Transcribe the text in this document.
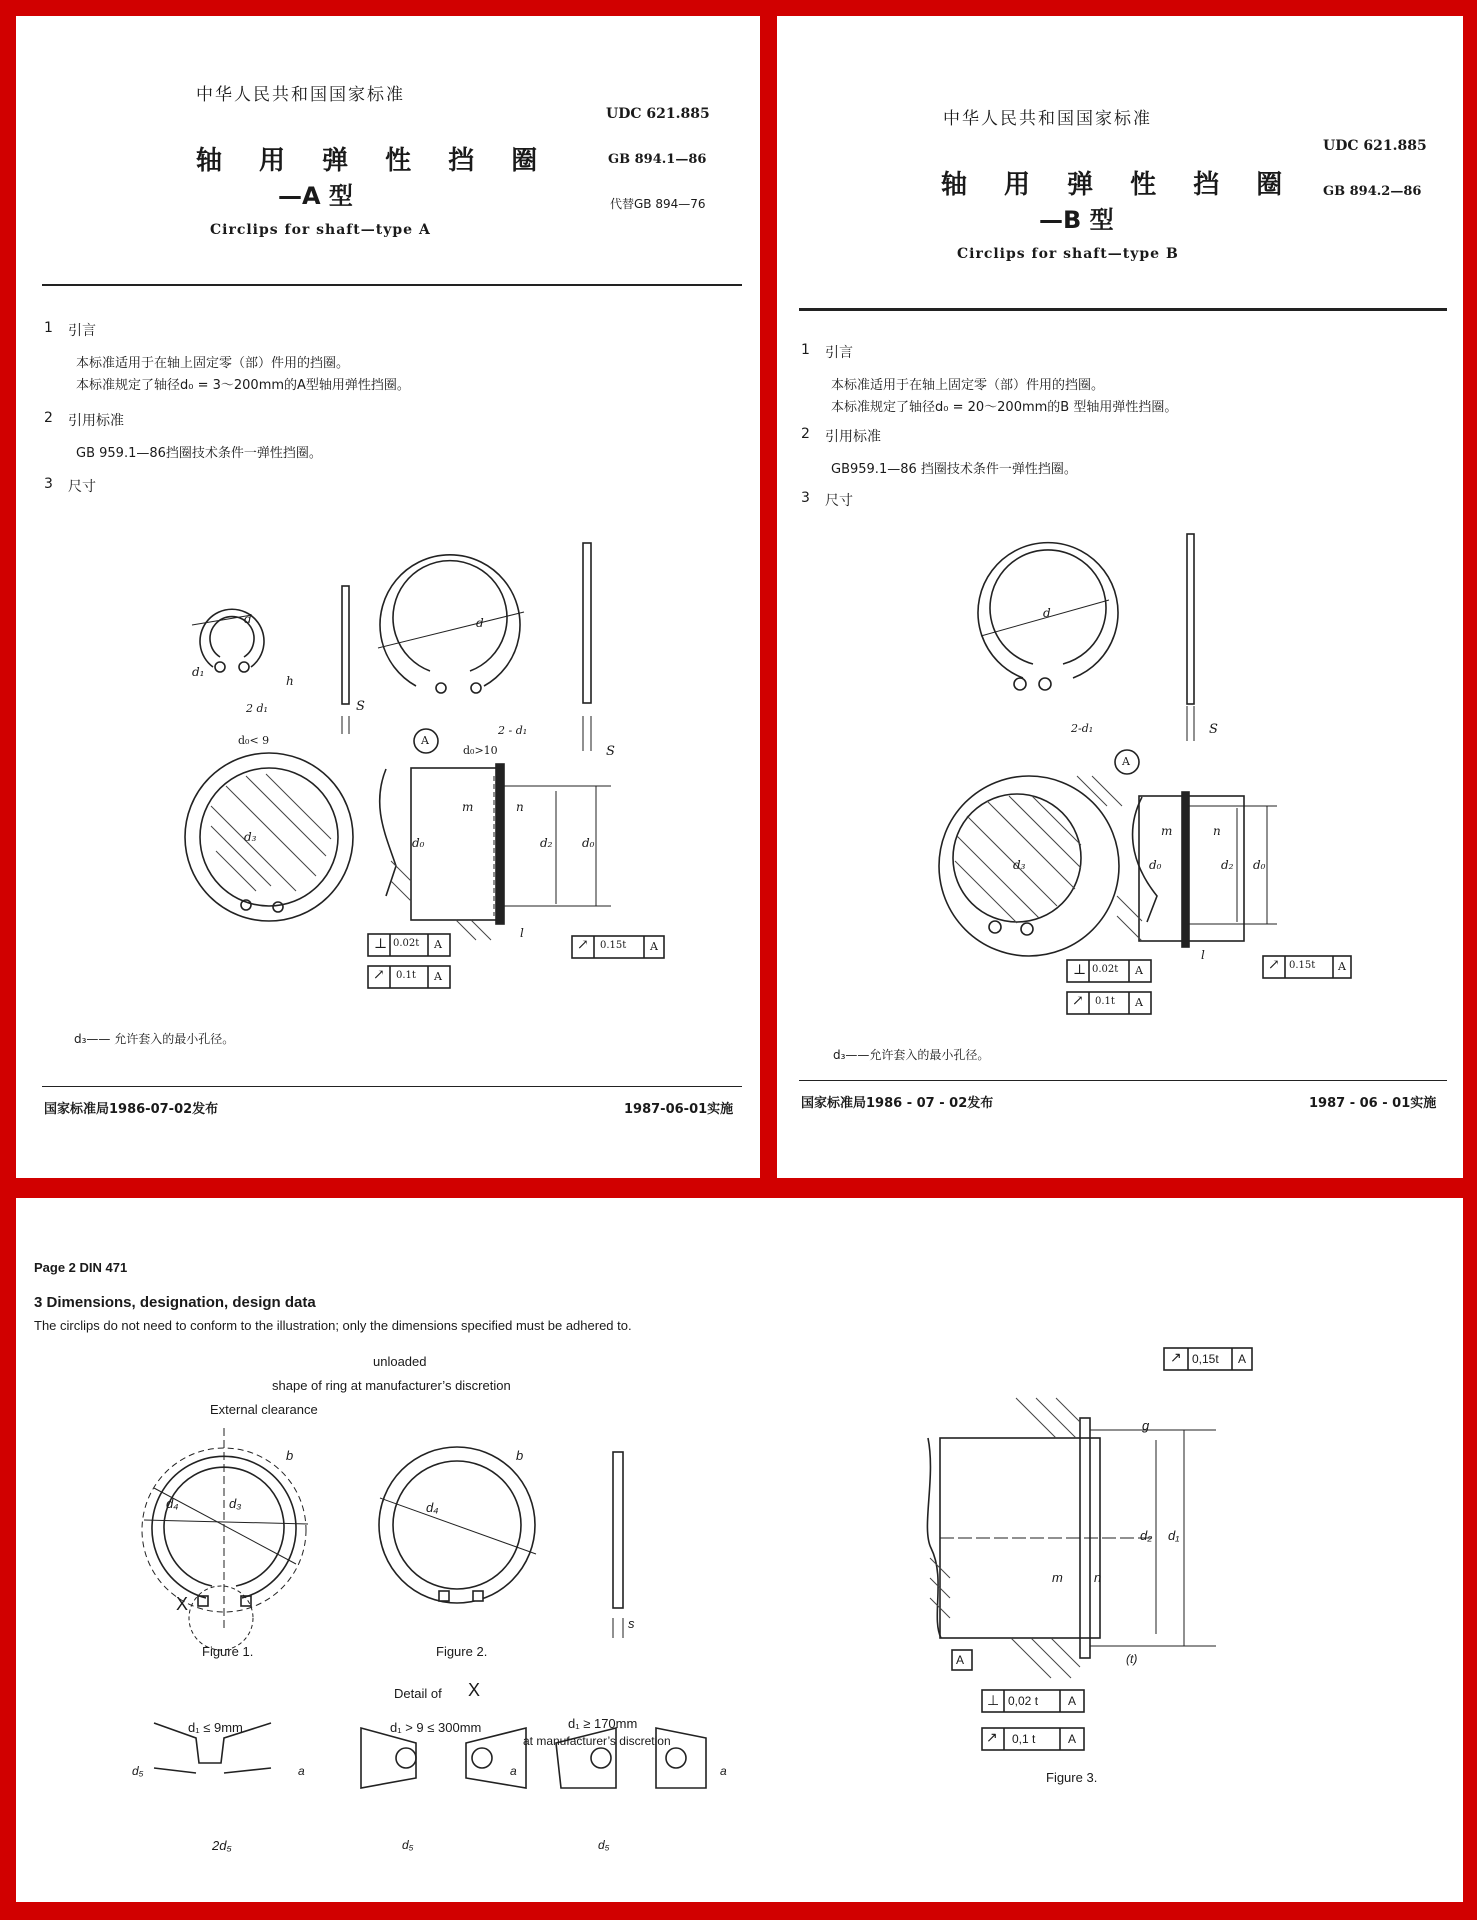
中华人民共和国国家标准
UDC 621.885
GB 894.1—86
代替GB 894—76
轴 用 弹 性 挡 圈
—A 型
Circlips for shaft—type A
1 引言
本标准适用于在轴上固定零（部）件用的挡圈。
本标准规定了轴径d₀ = 3～200mm的A型轴用弹性挡圈。
2 引用标准
GB 959.1—86挡圈技术条件一弹性挡圈。
3 尺寸
d
d₁
h
2 d₁	S
d₀< 9
d
2 - d₁
d₀>10	S
A
d₃	d₀
m	n
d₂ d₀
l
⊥ 0.02t A
↗ 0.1t A
↗ 0.15t A
d₃—— 允许套入的最小孔径。
国家标准局1986-07-02发布	1987-06-01实施
中华人民共和国国家标准
UDC 621.885
GB 894.2—86
轴 用 弹 性 挡 圈
—B 型
Circlips for shaft—type B
1 引言
本标准适用于在轴上固定零（部）件用的挡圈。
本标准规定了轴径d₀ = 20～200mm的B 型轴用弹性挡圈。
2 引用标准
GB959.1—86 挡圈技术条件一弹性挡圈。
3 尺寸
d
2-d₁	S
A
d₃	d₀
m	n
d₂ d₀
l
⊥ 0.02t A
↗ 0.1t A
↗ 0.15t A
d₃——允许套入的最小孔径。
国家标准局1986 - 07 - 02发布	1987 - 06 - 01实施
Page 2 DIN 471
3 Dimensions, designation, design data
The circlips do not need to conform to the illustration; only the dimensions specified must be adhered to.
unloaded
shape of ring at manufacturer’s discretion
External clearance
d₄	d₃
b
X
Figure 1.
d₄
b
Figure 2.
s
Detail of X
d₁ ≤ 9mm	d₁ > 9 ≤ 300mm	d₁ ≥ 170mm
at manufacturer’s discretion
d₅
2d₅
a
d₅
a
d₅
a
↗ 0,15t A
g
d₂ d₁
m n
(t)
A
⊥ 0,02 t A
↗ 0,1 t	A
Figure 3.
